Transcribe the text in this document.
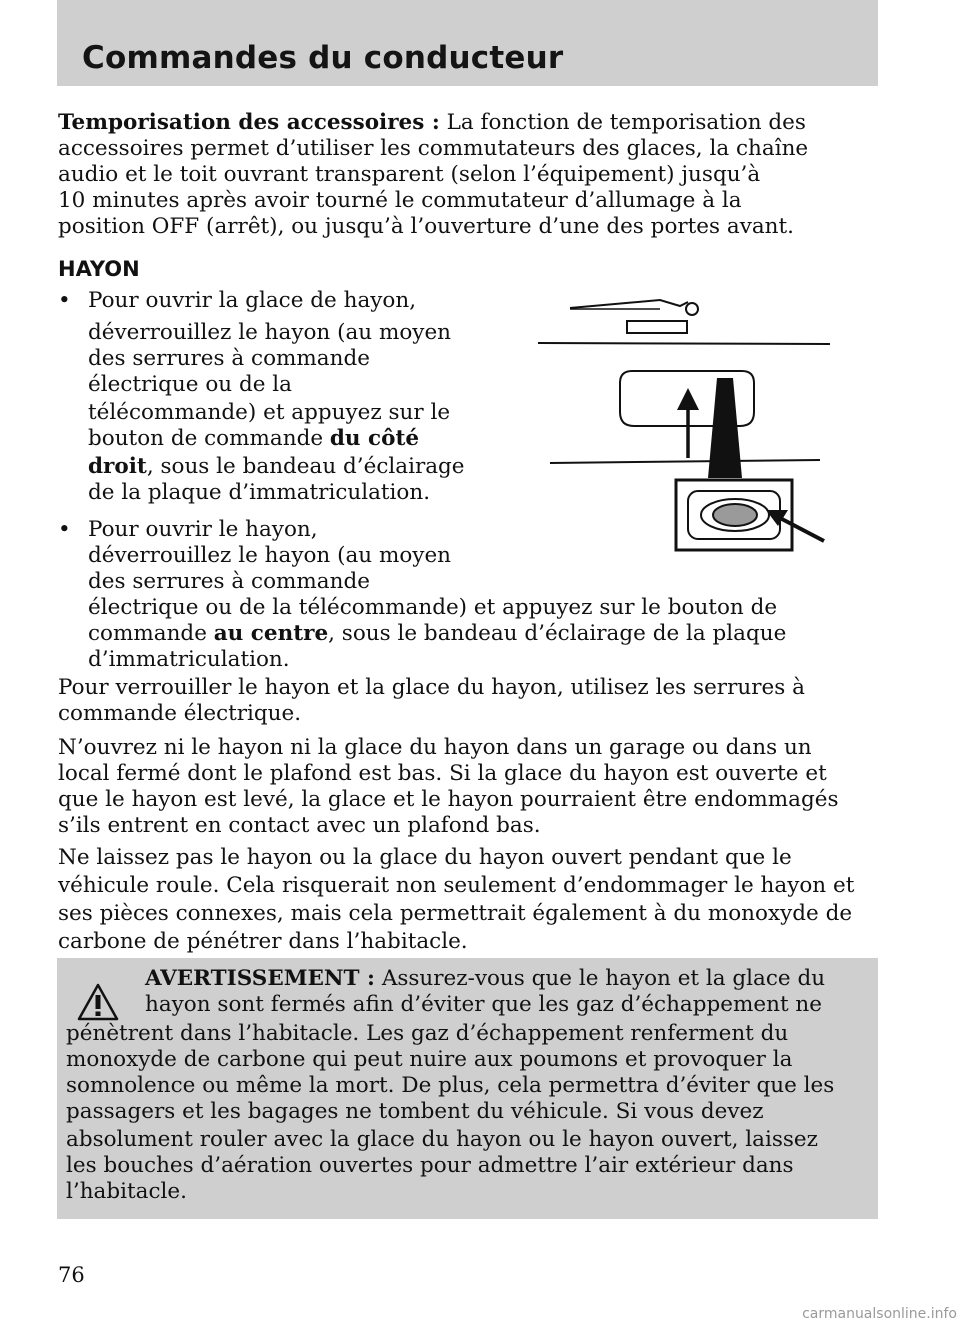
Commandes du conducteur

Temporisation des accessoires : La fonction de temporisation des
accessoires permet d’utiliser les commutateurs des glaces, la chaîne
audio et le toit ouvrant transparent (selon l’équipement) jusqu’à
10 minutes après avoir tourné le commutateur d’allumage à la
position OFF (arrêt), ou jusqu’à l’ouverture d’une des portes avant.

HAYON
• Pour ouvrir la glace de hayon,
déverrouillez le hayon (au moyen
des serrures à commande
électrique ou de la
télécommande) et appuyez sur le
bouton de commande du côté
droit, sous le bandeau d’éclairage
de la plaque d’immatriculation.
• Pour ouvrir le hayon,
déverrouillez le hayon (au moyen
des serrures à commande
électrique ou de la télécommande) et appuyez sur le bouton de
commande au centre, sous le bandeau d’éclairage de la plaque
d’immatriculation.

Pour verrouiller le hayon et la glace du hayon, utilisez les serrures à
commande électrique.

N’ouvrez ni le hayon ni la glace du hayon dans un garage ou dans un
local fermé dont le plafond est bas. Si la glace du hayon est ouverte et
que le hayon est levé, la glace et le hayon pourraient être endommagés
s’ils entrent en contact avec un plafond bas.

Ne laissez pas le hayon ou la glace du hayon ouvert pendant que le
véhicule roule. Cela risquerait non seulement d’endommager le hayon et
ses pièces connexes, mais cela permettrait également à du monoxyde de
carbone de pénétrer dans l’habitacle.
AVERTISSEMENT : Assurez-vous que le hayon et la glace du
hayon sont fermés afin d’éviter que les gaz d’échappement ne
pénètrent dans l’habitacle. Les gaz d’échappement renferment du
monoxyde de carbone qui peut nuire aux poumons et provoquer la
somnolence ou même la mort. De plus, cela permettra d’éviter que les
passagers et les bagages ne tombent du véhicule. Si vous devez
absolument rouler avec la glace du hayon ou le hayon ouvert, laissez
les bouches d’aération ouvertes pour admettre l’air extérieur dans
l’habitacle.
76
carmanualsonline.info
